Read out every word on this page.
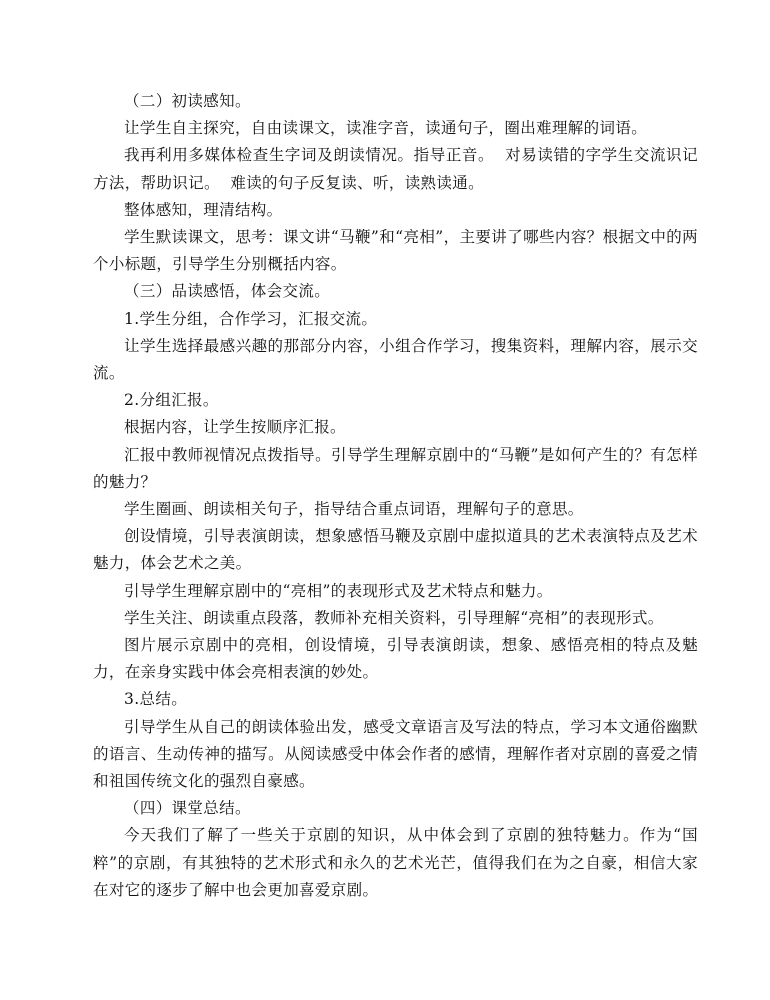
（二）初读感知。

让学生自主探究，自由读课文，读准字音，读通句子，圈出难理解的词语。

我再利用多媒体检查生字词及朗读情况。指导正音。  对易读错的字学生交流识记方法，帮助识记。  难读的句子反复读、听，读熟读通。

整体感知，理清结构。

学生默读课文，思考：课文讲“马鞭”和“亮相”，主要讲了哪些内容？根据文中的两个小标题，引导学生分别概括内容。

（三）品读感悟，体会交流。

1.学生分组，合作学习，汇报交流。

让学生选择最感兴趣的那部分内容，小组合作学习，搜集资料，理解内容，展示交流。

2.分组汇报。

根据内容，让学生按顺序汇报。

汇报中教师视情况点拨指导。引导学生理解京剧中的“马鞭”是如何产生的？有怎样的魅力？

学生圈画、朗读相关句子，指导结合重点词语，理解句子的意思。

创设情境，引导表演朗读，想象感悟马鞭及京剧中虚拟道具的艺术表演特点及艺术魅力，体会艺术之美。

引导学生理解京剧中的“亮相”的表现形式及艺术特点和魅力。

学生关注、朗读重点段落，教师补充相关资料，引导理解“亮相”的表现形式。

图片展示京剧中的亮相，创设情境，引导表演朗读，想象、感悟亮相的特点及魅力，在亲身实践中体会亮相表演的妙处。

3.总结。

引导学生从自己的朗读体验出发，感受文章语言及写法的特点，学习本文通俗幽默的语言、生动传神的描写。从阅读感受中体会作者的感情，理解作者对京剧的喜爱之情和祖国传统文化的强烈自豪感。

（四）课堂总结。

今天我们了解了一些关于京剧的知识，从中体会到了京剧的独特魅力。作为“国粹”的京剧，有其独特的艺术形式和永久的艺术光芒，值得我们在为之自豪，相信大家在对它的逐步了解中也会更加喜爱京剧。
